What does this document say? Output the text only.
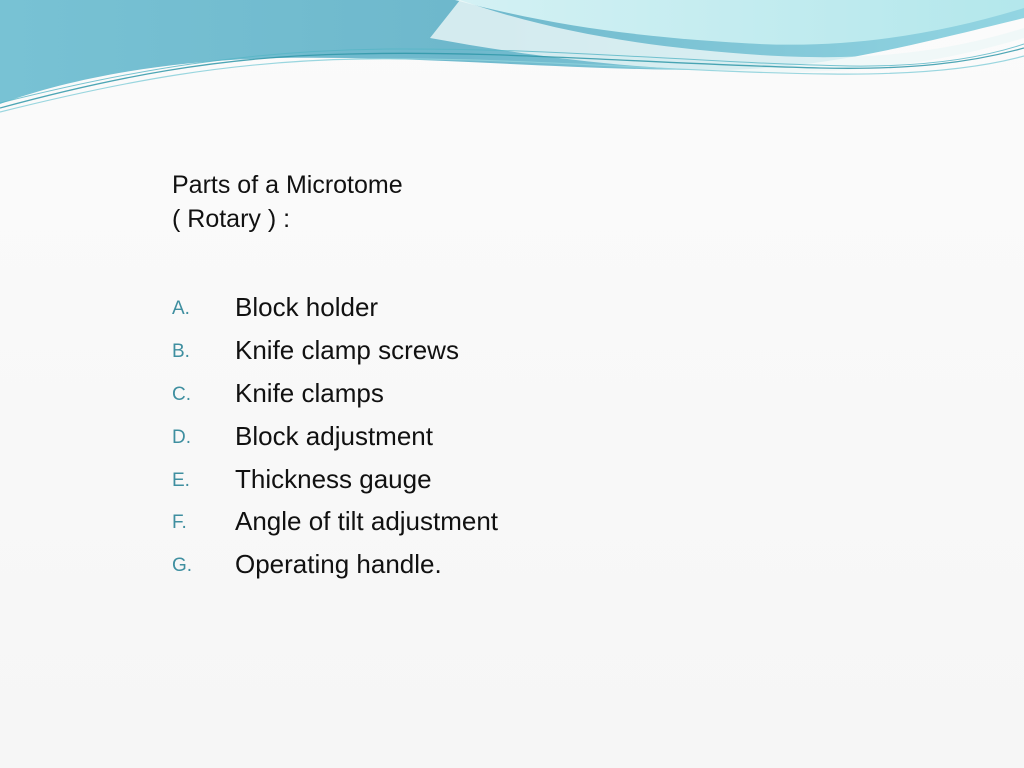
Parts of a Microtome
( Rotary ) :
A.	Block holder
B.	Knife clamp screws
C.	Knife clamps
D.	Block adjustment
E.	Thickness gauge
F.	Angle of tilt adjustment
G.	Operating handle.
